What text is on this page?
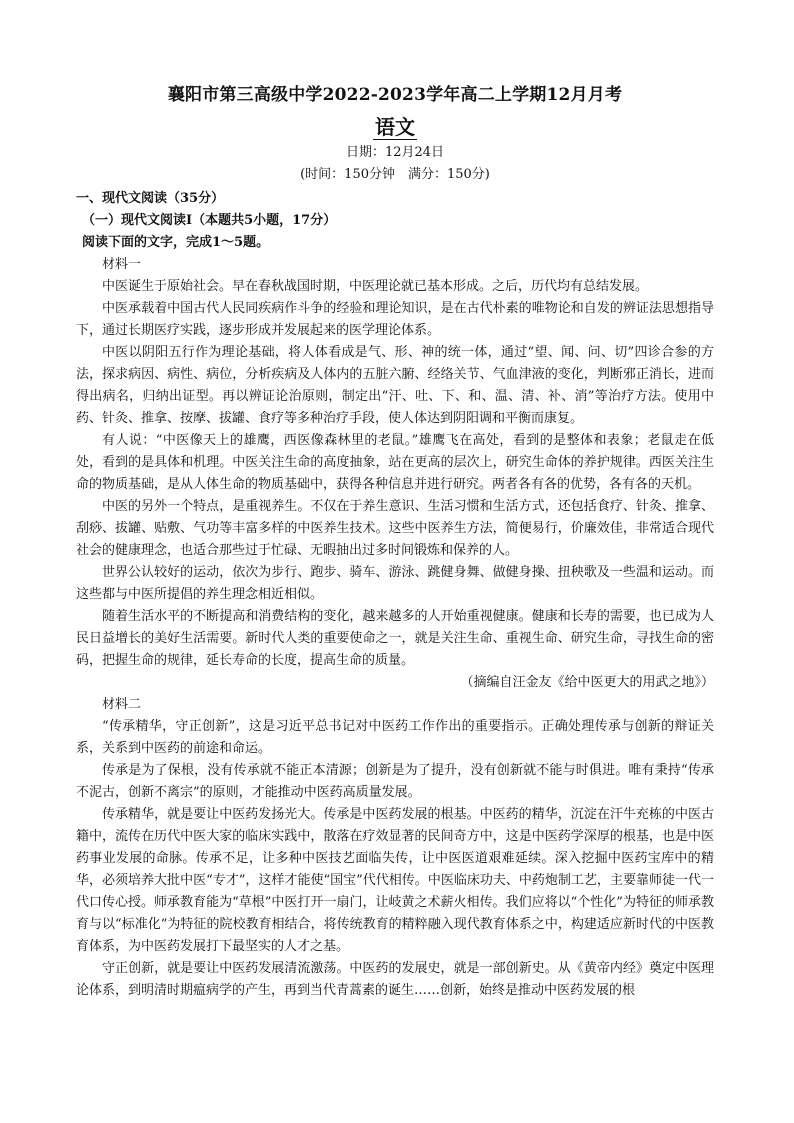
襄阳市第三高级中学2022-2023学年高二上学期12月月考

语文

日期：12月24日

(时间：150分钟　满分：150分)

一、现代文阅读（35分）

（一）现代文阅读Ⅰ（本题共5小题，17分）

阅读下面的文字，完成1～5题。

材料一

中医诞生于原始社会。早在春秋战国时期，中医理论就已基本形成。之后，历代均有总结发展。

中医承载着中国古代人民同疾病作斗争的经验和理论知识，是在古代朴素的唯物论和自发的辨证法思想指导下，通过长期医疗实践，逐步形成并发展起来的医学理论体系。

中医以阴阳五行作为理论基础，将人体看成是气、形、神的统一体，通过“望、闻、问、切”四诊合参的方法，探求病因、病性、病位，分析疾病及人体内的五脏六腑、经络关节、气血津液的变化，判断邪正消长，进而得出病名，归纳出证型。再以辨证论治原则，制定出“汗、吐、下、和、温、清、补、消”等治疗方法。使用中药、针灸、推拿、按摩、拔罐、食疗等多种治疗手段，使人体达到阴阳调和平衡而康复。

有人说：“中医像天上的雄鹰，西医像森林里的老鼠。”雄鹰飞在高处，看到的是整体和表象；老鼠走在低处，看到的是具体和机理。中医关注生命的高度抽象，站在更高的层次上，研究生命体的养护规律。西医关注生命的物质基础，是从人体生命的物质基础中，获得各种信息并进行研究。两者各有各的优势，各有各的天机。

中医的另外一个特点，是重视养生。不仅在于养生意识、生活习惯和生活方式，还包括食疗、针灸、推拿、刮痧、拔罐、贴敷、气功等丰富多样的中医养生技术。这些中医养生方法，简便易行，价廉效佳，非常适合现代社会的健康理念，也适合那些过于忙碌、无暇抽出过多时间锻炼和保养的人。

世界公认较好的运动，依次为步行、跑步、骑车、游泳、跳健身舞、做健身操、扭秧歌及一些温和运动。而这些都与中医所提倡的养生理念相近相似。

随着生活水平的不断提高和消费结构的变化，越来越多的人开始重视健康。健康和长寿的需要，也已成为人民日益增长的美好生活需要。新时代人类的重要使命之一，就是关注生命、重视生命、研究生命，寻找生命的密码，把握生命的规律，延长寿命的长度，提高生命的质量。

（摘编自汪金友《给中医更大的用武之地》）

材料二

“传承精华，守正创新”，这是习近平总书记对中医药工作作出的重要指示。正确处理传承与创新的辩证关系，关系到中医药的前途和命运。

传承是为了保根，没有传承就不能正本清源；创新是为了提升，没有创新就不能与时俱进。唯有秉持“传承不泥古，创新不离宗”的原则，才能推动中医药高质量发展。

传承精华，就是要让中医药发扬光大。传承是中医药发展的根基。中医药的精华，沉淀在汗牛充栋的中医古籍中，流传在历代中医大家的临床实践中，散落在疗效显著的民间奇方中，这是中医药学深厚的根基，也是中医药事业发展的命脉。传承不足，让多种中医技艺面临失传，让中医医道艰难延续。深入挖掘中医药宝库中的精华，必须培养大批中医“专才”，这样才能使“国宝”代代相传。中医临床功夫、中药炮制工艺，主要靠师徒一代一代口传心授。师承教育能为“草根”中医打开一扇门，让岐黄之术薪火相传。我们应将以“个性化”为特征的师承教育与以“标准化”为特征的院校教育相结合，将传统教育的精粹融入现代教育体系之中，构建适应新时代的中医教育体系，为中医药发展打下最坚实的人才之基。

守正创新，就是要让中医药发展清流激荡。中医药的发展史，就是一部创新史。从《黄帝内经》奠定中医理论体系，到明清时期瘟病学的产生，再到当代青蒿素的诞生……创新，始终是推动中医药发展的根
